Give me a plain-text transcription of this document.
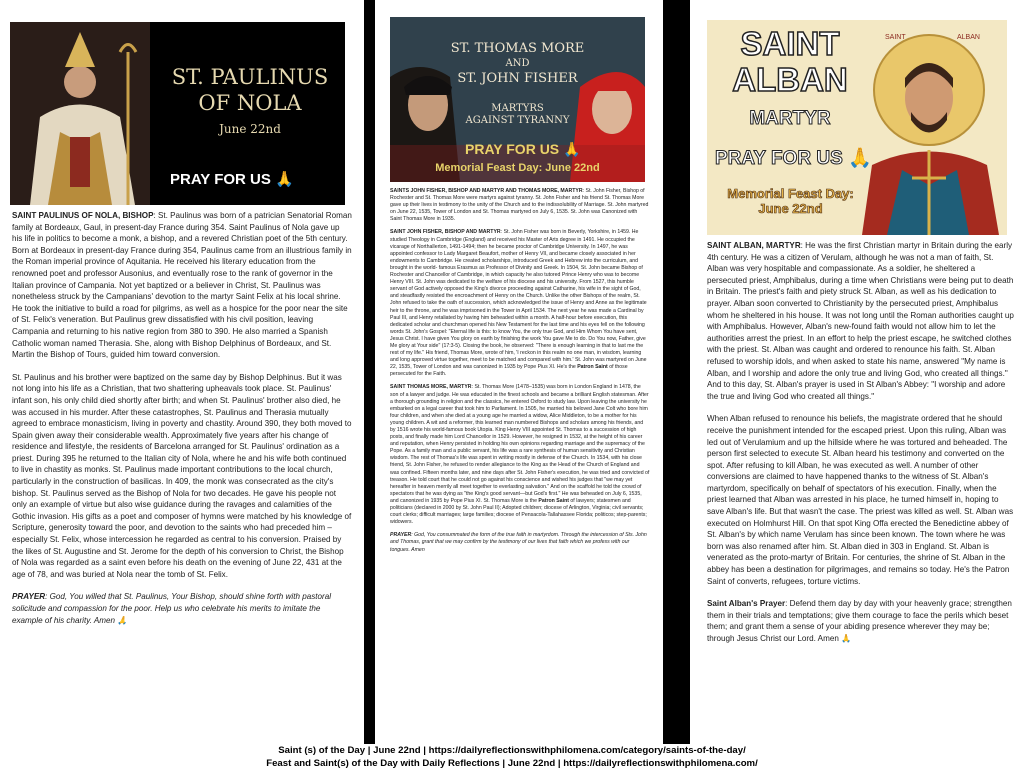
ST. PAULINUS
OF NOLA
June 22nd
PRAY FOR US 🙏

SAINT PAULINUS OF NOLA, BISHOP: St. Paulinus was born of a patrician Senatorial Roman family at Bordeaux, Gaul, in present-day France during 354. Saint Paulinus of Nola gave up his life in politics to become a monk, a bishop, and a revered Christian poet of the 5th century. Born at Bordeaux in present-day France during 354, Paulinus came from an illustrious family in the Roman imperial province of Aquitania. He received his literary education from the renowned poet and professor Ausonius, and eventually rose to the rank of governor in the Italian province of Campania. Not yet baptized or a believer in Christ, St. Paulinus was nonetheless struck by the Campanians' devotion to the martyr Saint Felix at his local shrine. He took the initiative to build a road for pilgrims, as well as a hospice for the poor near the site of St. Felix's veneration. But Paulinus grew dissatisfied with his civil position, leaving Campania and returning to his native region from 380 to 390. He also married a Spanish Catholic woman named Therasia. She, along with Bishop Delphinus of Bordeaux, and St. Martin the Bishop of Tours, guided him toward conversion.

St. Paulinus and his brother were baptized on the same day by Bishop Delphinus. But it was not long into his life as a Christian, that two shattering upheavals took place. St. Paulinus' infant son, his only child died shortly after birth; and when St. Paulinus' brother also died, he was accused in his murder. After these catastrophes, St. Paulinus and Therasia mutually agreed to embrace monasticism, living in poverty and chastity. Around 390, they both moved to Spain given away their considerable wealth. Approximately five years after his change of residence and lifestyle, the residents of Barcelona arranged for St. Paulinus' ordination as a priest. During 395 he returned to the Italian city of Nola, where he and his wife both continued to live in chastity as monks. St. Paulinus made important contributions to the local church, particularly in the construction of basilicas. In 409, the monk was consecrated as the city's bishop. St. Paulinus served as the Bishop of Nola for two decades. He gave his people not only an example of virtue but also wise guidance during the ravages and calamities of the Gothic invasion. His gifts as a poet and composer of hymns were matched by his knowledge of Scripture, generosity toward the poor, and devotion to the saints who had preceded him – especially St. Felix, whose intercession he regarded as central to his conversion. Praised by the likes of St. Augustine and St. Jerome for the depth of his conversion to Christ, the Bishop of Nola was regarded as a saint even before his death on the evening of June 22, 431 at the age of 78, and was buried at Nola near the tomb of St. Felix.

PRAYER: God, You willed that St. Paulinus, Your Bishop, should shine forth with pastoral solicitude and compassion for the poor. Help us who celebrate his merits to imitate the example of his charity. Amen 🙏

ST. THOMAS MORE
AND
ST. JOHN FISHER
MARTYRS
AGAINST TYRANNY
PRAY FOR US 🙏
Memorial Feast Day: June 22nd

SAINTS JOHN FISHER, BISHOP AND MARTYR AND THOMAS MORE, MARTYR: St. John Fisher, Bishop of Rochester and St. Thomas More were martyrs against tyranny. St. John Fisher and his friend St. Thomas More gave up their lives in testimony to the unity of the Church and to the indissolubility of Marriage. St. John martyred on June 22, 1535, Tower of London and St. Thomas martyred on July 6, 1535. St. John was Canonized with Saint Thomas More in 1935.

SAINT JOHN FISHER, BISHOP AND MARTYR: St. John Fisher was born in Beverly, Yorkshire, in 1459. He studied Theology in Cambridge (England) and received his Master of Arts degree in 1491. He occupied the vicarage of Northallerton, 1491-1494; then he became proctor of Cambridge University. In 1497, he was appointed confessor to Lady Margaret Beaufort, mother of Henry VII, and became closely associated in her endowments to Cambridge. He created scholarships, introduced Greek and Hebrew into the curriculum, and brought in the world- famous Erasmus as Professor of Divinity and Greek. In 1504, St. John became Bishop of Rochester and Chancellor of Cambridge, in which capacity he also tutored Prince Henry who was to become Henry VIII. St. John was dedicated to the welfare of his diocese and his university. From 1527, this humble servant of God actively opposed the King's divorce proceeding against Catharine, his wife in the sight of God, and steadfastly resisted the encroachment of Henry on the Church. Unlike the other Bishops of the realm, St. John refused to take the oath of succession, which acknowledged the issue of Henry and Anne as the legitimate heir to the throne, and he was imprisoned in the Tower in April 1534. The next year he was made a Cardinal by Paul III, and Henry retaliated by having him beheaded within a month. A half-hour before execution, this dedicated scholar and churchman opened his New Testament for the last time and his eyes fell on the following words St. John's Gospel: "Eternal life is this: to know You, the only true God, and Him Whom You have sent, Jesus Christ. I have given You glory on earth by finishing the work You gave Me to do. Do You now, Father, give Me glory at Your side" (17:3-5). Closing the book, he observed: "There is enough learning in that to last me the rest of my life." His friend, Thomas More, wrote of him, 'I reckon in this realm no one man, in wisdom, learning and long approved virtue together, meet to be matched and compared with him.' St. John was martyred on June 22, 1535, Tower of London and was canonized in 1935 by Pope Pius XI. He's the Patron Saint of those persecuted for the Faith.

SAINT THOMAS MORE, MARTYR: St. Thomas More (1478–1535) was born in London England in 1478, the son of a lawyer and judge. He was educated in the finest schools and became a brilliant English statesman. After a thorough grounding in religion and the classics, he entered Oxford to study law. Upon leaving the university he embarked on a legal career that took him to Parliament. In 1505, he married his beloved Jane Colt who bore him four children, and when she died at a young age he married a widow, Alice Middleton, to be a mother for his young children. A wit and a reformer, this learned man numbered Bishops and scholars among his friends, and by 1516 wrote his world-famous book Utopia. King Henry VIII appointed St. Thomas to a succession of high posts, and finally made him Lord Chancellor in 1529. However, he resigned in 1532, at the height of his career and reputation, when Henry persisted in holding his own opinions regarding marriage and the supremacy of the Pope. As a family man and a public servant, his life was a rare synthesis of human sensitivity and Christian wisdom. The rest of Thomas's life was spent in writing mostly in defense of the Church. In 1534, with his close friend, St. John Fisher, he refused to render allegiance to the King as the Head of the Church of England and was confined. Fifteen months later, and nine days after St. John Fisher's execution, he was tried and convicted of treason. He told court that he could not go against his conscience and wished his judges that "we may yet hereafter in heaven merrily all meet together to everlasting salvation." And on the scaffold he told the crowd of spectators that he was dying as "the King's good servant—but God's first." He was beheaded on July 6, 1535, and canonized in 1935 by Pope Pius XI. St. Thomas More is the Patron Saint of lawyers; statesmen and politicians (declared in 2000 by St. John Paul II); Adopted children; diocese of Arlington, Virginia; civil servants; court clerks; difficult marriages; large families; diocese of Pensacola-Tallahassee Florida; politicos; step-parents; widowers.

PRAYER: God, You consummated the form of the true faith in martyrdom. Through the intercession of Sts. John and Thomas, grant that we may confirm by the testimony of our lives that faith which we profess with our tongues. Amen

SAINT	ALBAN
SAINT
ALBAN
MARTYR
PRAY FOR US 🙏
Memorial Feast Day:
June 22nd

SAINT ALBAN, MARTYR: He was the first Christian martyr in Britain during the early 4th century. He was a citizen of Verulam, although he was not a man of faith, St. Alban was very hospitable and compassionate. As a soldier, he sheltered a persecuted priest, Amphibalus, during a time when Christians were being put to death in Britain. The priest's faith and piety struck St. Alban, as well as his dedication to prayer. Alban soon converted to Christianity by the persecuted priest, Amphibalus whom he sheltered in his house. It was not long until the Roman authorities caught up with Amphibalus. However, Alban's new-found faith would not allow him to let the authorities arrest the priest. In an effort to help the priest escape, he switched clothes with the priest. St. Alban was caught and ordered to renounce his faith. St. Alban refused to worship idols, and when asked to state his name, answered "My name is Alban, and I worship and adore the only true and living God, who created all things." And to this day, St. Alban's prayer is used in St Alban's Abbey: "I worship and adore the true and living God who created all things."

When Alban refused to renounce his beliefs, the magistrate ordered that he should receive the punishment intended for the escaped priest. Upon this ruling, Alban was led out of Verulamium and up the hillside where he was tortured and beheaded. The person first selected to execute St. Alban heard his testimony and converted on the spot. After refusing to kill Alban, he was executed as well. A number of other conversions are claimed to have happened thanks to the witness of St. Alban's martyrdom, specifically on behalf of spectators of his execution. Finally, when the priest learned that Alban was arrested in his place, he turned himself in, hoping to save Alban's life. But that wasn't the case. The priest was killed as well. St. Alban was executed on Holmhurst Hill. On that spot King Offa erected the Benedictine abbey of St. Alban's by which name Verulam has since been known. The town where he was born was also renamed after him. St. Alban died in 303 in England. St. Alban is venerated as the proto-martyr of Britain. For centuries, the shrine of St. Alban in the abbey has been a destination for pilgrimages, and remains so today. He's the Patron Saint of converts, refugees, torture victims.

Saint Alban's Prayer: Defend them day by day with your heavenly grace; strengthen them in their trials and temptations; give them courage to face the perils which beset them; and grant them a sense of your abiding presence wherever they may be; through Jesus Christ our Lord. Amen 🙏

Saint (s) of the Day | June 22nd | https://dailyreflectionswithphilomena.com/category/saints-of-the-day/
Feast and Saint(s) of the Day with Daily Reflections | June 22nd | https://dailyreflectionswithphilomena.com/
